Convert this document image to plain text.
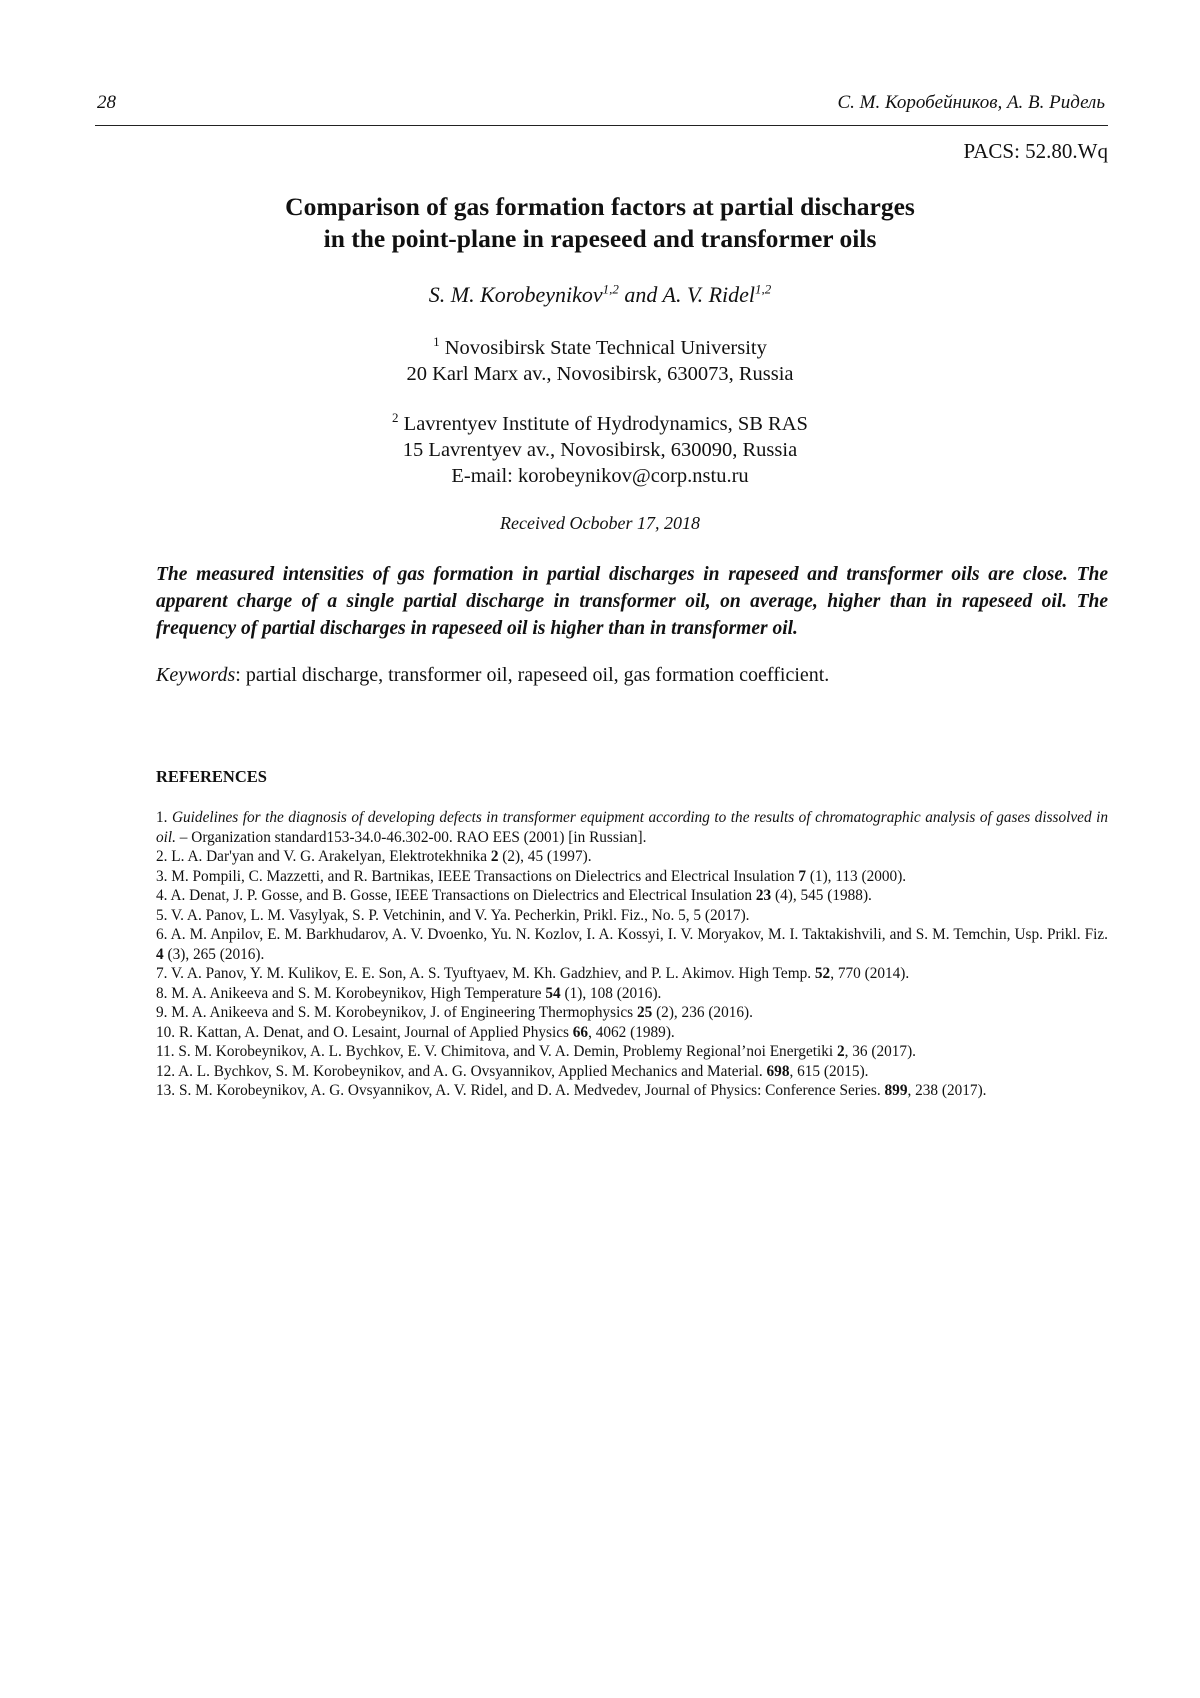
28	С. М. Коробейников, А. В. Ридель
PACS: 52.80.Wq
Comparison of gas formation factors at partial discharges
in the point-plane in rapeseed and transformer oils
S. M. Korobeynikov$^{1,2}$ and A. V. Ridel$^{1,2}$
$^1$ Novosibirsk State Technical University
20 Karl Marx av., Novosibirsk, 630073, Russia
$^2$ Lavrentyev Institute of Hydrodynamics, SB RAS
15 Lavrentyev av., Novosibirsk, 630090, Russia
E-mail: korobeynikov@corp.nstu.ru
Received Ocbober 17, 2018
The measured intensities of gas formation in partial discharges in rapeseed and transformer oils are close. The apparent charge of a single partial discharge in transformer oil, on average, higher than in rapeseed oil. The frequency of partial discharges in rapeseed oil is higher than in transformer oil.
Keywords: partial discharge, transformer oil, rapeseed oil, gas formation coefficient.
REFERENCES

1. Guidelines for the diagnosis of developing defects in transformer equipment according to the results of chromatographic analysis of gases dissolved in oil. – Organization standard153-34.0-46.302-00. RAO EES (2001) [in Russian].

2. L. A. Dar'yan and V. G. Arakelyan, Elektrotekhnika 2 (2), 45 (1997).

3. M. Pompili, C. Mazzetti, and R. Bartnikas, IEEE Transactions on Dielectrics and Electrical Insulation 7 (1), 113 (2000).

4. A. Denat, J. P. Gosse, and B. Gosse, IEEE Transactions on Dielectrics and Electrical Insulation 23 (4), 545 (1988).

5. V. A. Panov, L. M. Vasylyak, S. P. Vetchinin, and V. Ya. Pecherkin, Prikl. Fiz., No. 5, 5 (2017).

6. A. M. Anpilov, E. M. Barkhudarov, A. V. Dvoenko, Yu. N. Kozlov, I. A. Kossyi, I. V. Moryakov, M. I. Taktakishvili, and S. M. Temchin, Usp. Prikl. Fiz. 4 (3), 265 (2016).

7. V. A. Panov, Y. M. Kulikov, E. E. Son, A. S. Tyuftyaev, M. Kh. Gadzhiev, and P. L. Akimov. High Temp. 52, 770 (2014).

8. M. A. Anikeeva and S. M. Korobeynikov, High Temperature 54 (1), 108 (2016).

9. M. A. Anikeeva and S. M. Korobeynikov, J. of Engineering Thermophysics 25 (2), 236 (2016).

10. R. Kattan, A. Denat, and O. Lesaint, Journal of Applied Physics 66, 4062 (1989).

11. S. M. Korobeynikov, A. L. Bychkov, E. V. Chimitova, and V. A. Demin, Problemy Regional’noi Energetiki 2, 36 (2017).

12. A. L. Bychkov, S. M. Korobeynikov, and A. G. Ovsyannikov, Applied Mechanics and Material. 698, 615 (2015).

13. S. M. Korobeynikov, A. G. Ovsyannikov, A. V. Ridel, and D. A. Medvedev, Journal of Physics: Conference Series. 899, 238 (2017).
